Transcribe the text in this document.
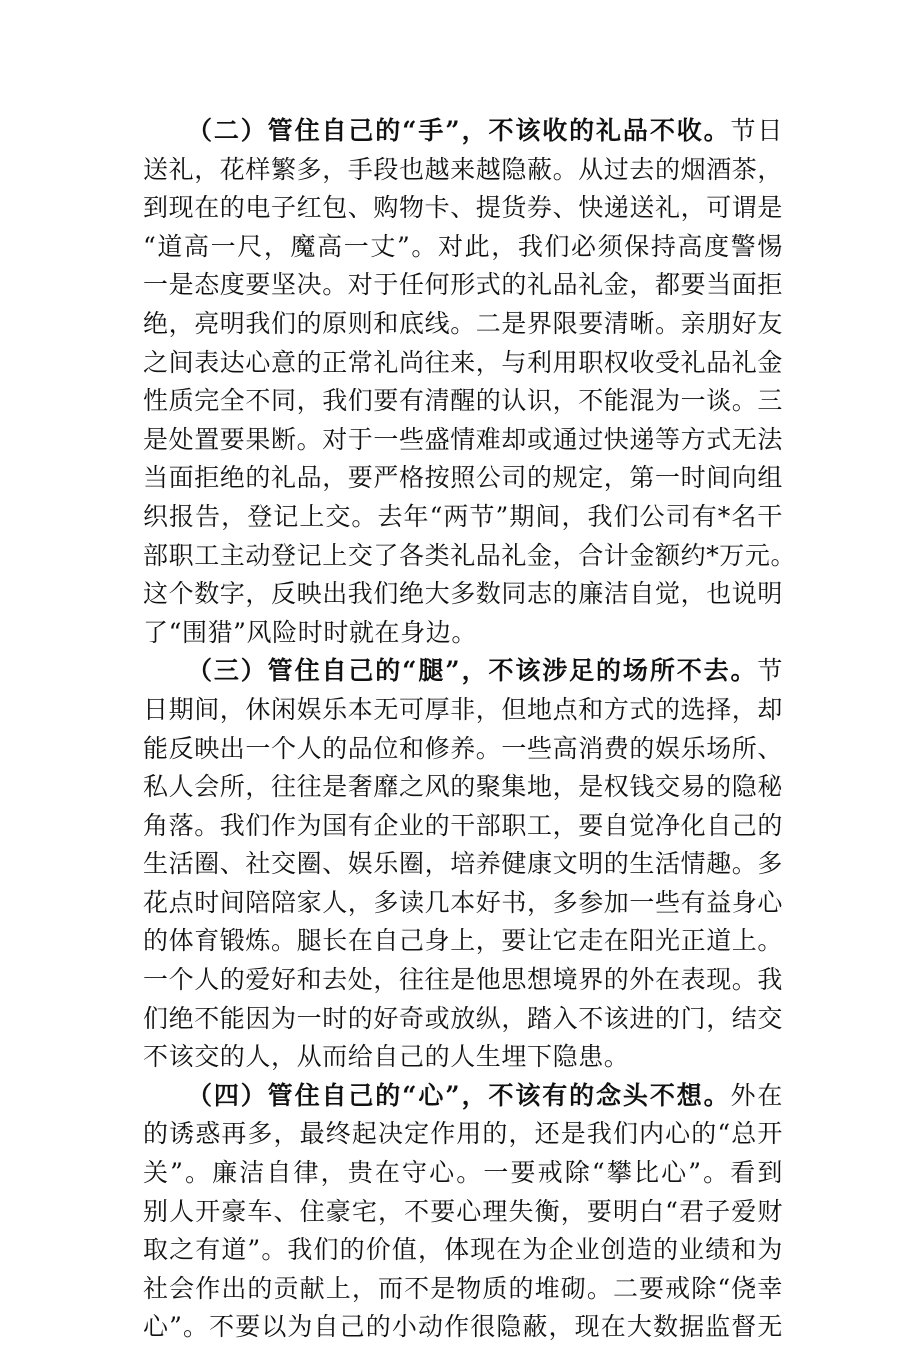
（二）管住自己的“手”，不该收的礼品不收。节日
送礼，花样繁多，手段也越来越隐蔽。从过去的烟酒茶，
到现在的电子红包、购物卡、提货券、快递送礼，可谓是
“道高一尺，魔高一丈”。对此，我们必须保持高度警惕
一是态度要坚决。对于任何形式的礼品礼金，都要当面拒
绝，亮明我们的原则和底线。二是界限要清晰。亲朋好友
之间表达心意的正常礼尚往来，与利用职权收受礼品礼金
性质完全不同，我们要有清醒的认识，不能混为一谈。三
是处置要果断。对于一些盛情难却或通过快递等方式无法
当面拒绝的礼品，要严格按照公司的规定，第一时间向组
织报告，登记上交。去年“两节”期间，我们公司有*名干
部职工主动登记上交了各类礼品礼金，合计金额约*万元。
这个数字，反映出我们绝大多数同志的廉洁自觉，也说明
了“围猎”风险时时就在身边。
（三）管住自己的“腿”，不该涉足的场所不去。节
日期间，休闲娱乐本无可厚非，但地点和方式的选择，却
能反映出一个人的品位和修养。一些高消费的娱乐场所、
私人会所，往往是奢靡之风的聚集地，是权钱交易的隐秘
角落。我们作为国有企业的干部职工，要自觉净化自己的
生活圈、社交圈、娱乐圈，培养健康文明的生活情趣。多
花点时间陪陪家人，多读几本好书，多参加一些有益身心
的体育锻炼。腿长在自己身上，要让它走在阳光正道上。
一个人的爱好和去处，往往是他思想境界的外在表现。我
们绝不能因为一时的好奇或放纵，踏入不该进的门，结交
不该交的人，从而给自己的人生埋下隐患。
（四）管住自己的“心”，不该有的念头不想。外在
的诱惑再多，最终起决定作用的，还是我们内心的“总开
关”。廉洁自律，贵在守心。一要戒除“攀比心”。看到
别人开豪车、住豪宅，不要心理失衡，要明白“君子爱财
取之有道”。我们的价值，体现在为企业创造的业绩和为
社会作出的贡献上，而不是物质的堆砌。二要戒除“侥幸
心”。不要以为自己的小动作很隐蔽，现在大数据监督无
